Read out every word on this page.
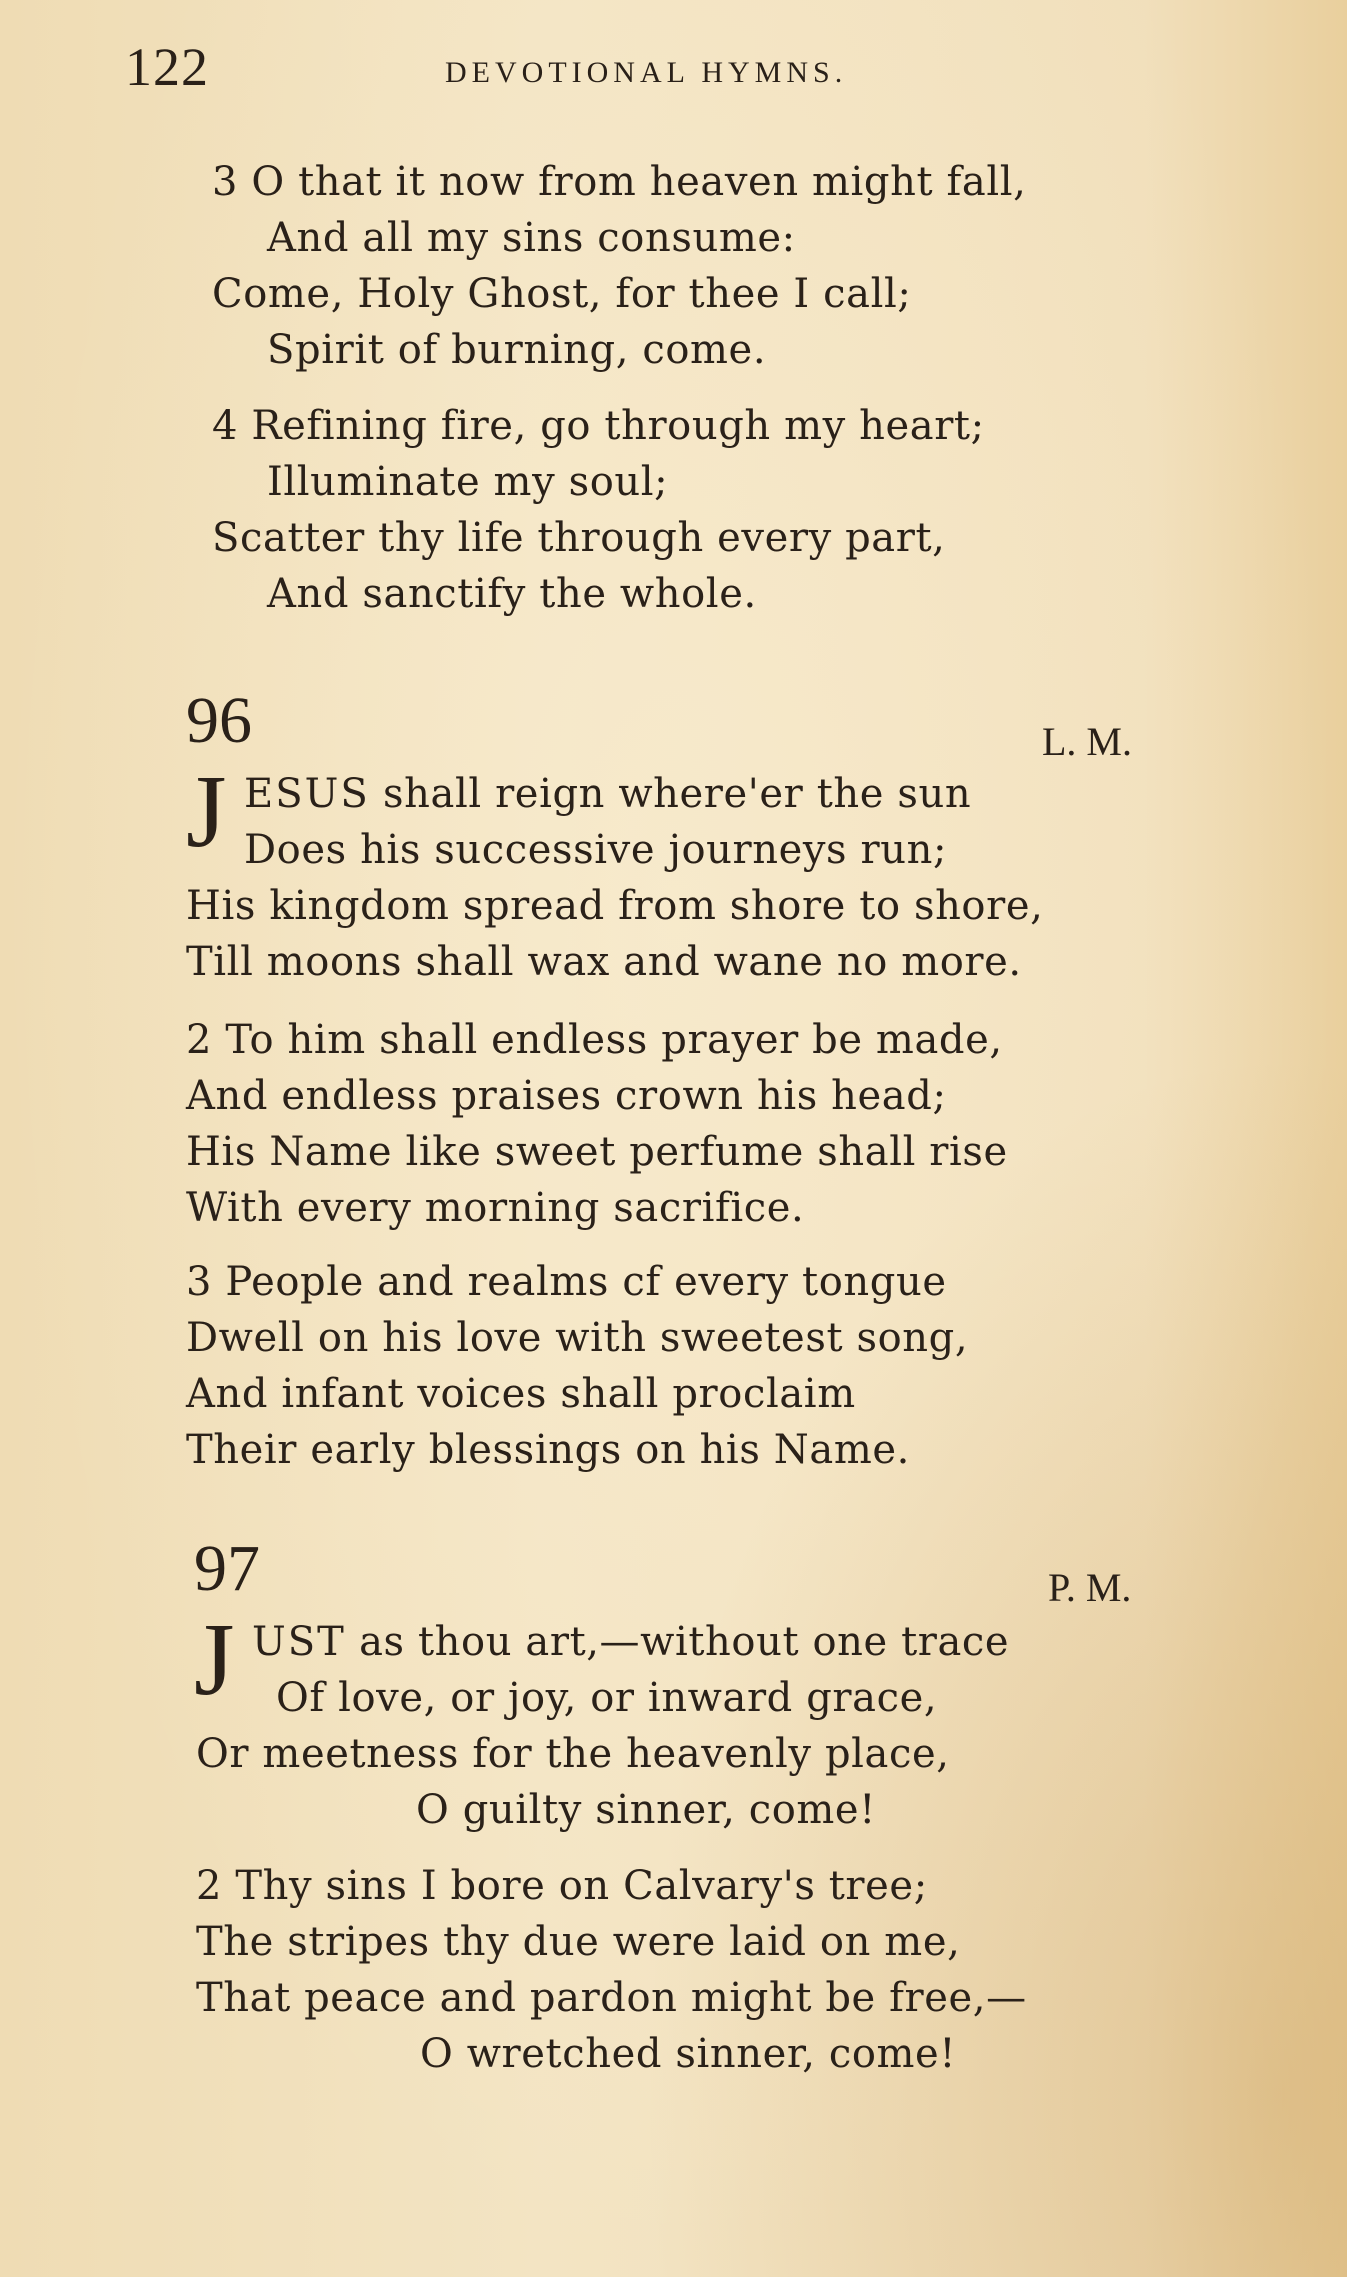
122	DEVOTIONAL HYMNS.
3 O that it now from heaven might fall,
And all my sins consume:
Come, Holy Ghost, for thee I call;
Spirit of burning, come.
4 Refining fire, go through my heart;
Illuminate my soul;
Scatter thy life through every part,
And sanctify the whole.
96	L. M.
J ESUS shall reign where'er the sun
Does his successive journeys run;
His kingdom spread from shore to shore,
Till moons shall wax and wane no more.
2 To him shall endless prayer be made,
And endless praises crown his head;
His Name like sweet perfume shall rise
With every morning sacrifice.
3 People and realms cf every tongue
Dwell on his love with sweetest song,
And infant voices shall proclaim
Their early blessings on his Name.
97	P. M.
J UST as thou art,—without one trace
Of love, or joy, or inward grace,
Or meetness for the heavenly place,
O guilty sinner, come!
2 Thy sins I bore on Calvary's tree;
The stripes thy due were laid on me,
That peace and pardon might be free,—
O wretched sinner, come!
